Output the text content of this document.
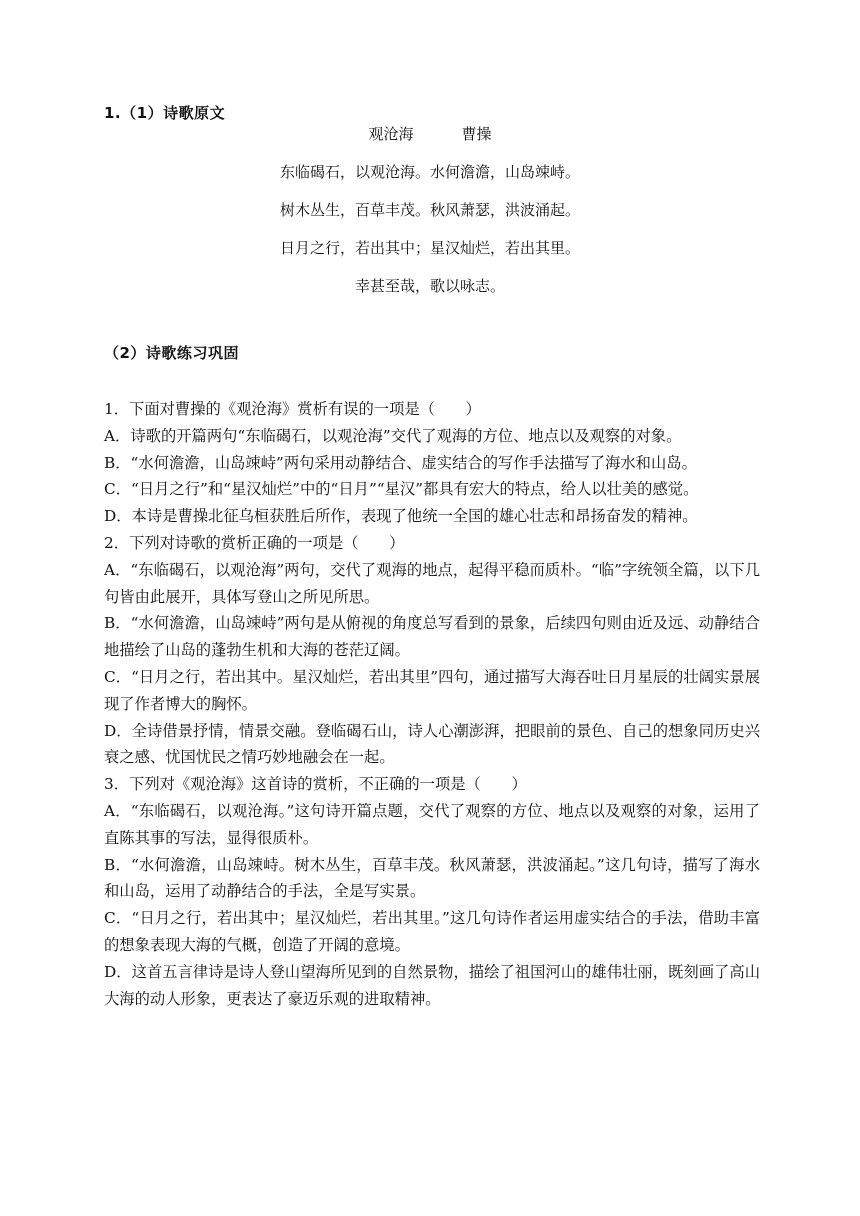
1.（1）诗歌原文
观沧海	曹操
东临碣石，以观沧海。水何澹澹，山岛竦峙。
树木丛生，百草丰茂。秋风萧瑟，洪波涌起。
日月之行，若出其中；星汉灿烂，若出其里。
幸甚至哉，歌以咏志。
（2）诗歌练习巩固

1．下面对曹操的《观沧海》赏析有误的一项是（　　）

A．诗歌的开篇两句“东临碣石，以观沧海”交代了观海的方位、地点以及观察的对象。

B．“水何澹澹，山岛竦峙”两句采用动静结合、虚实结合的写作手法描写了海水和山岛。

C．“日月之行”和“星汉灿烂”中的“日月”“星汉”都具有宏大的特点，给人以壮美的感觉。

D．本诗是曹操北征乌桓获胜后所作，表现了他统一全国的雄心壮志和昂扬奋发的精神。

2．下列对诗歌的赏析正确的一项是（　　）

A．“东临碣石，以观沧海”两句，交代了观海的地点，起得平稳而质朴。“临”字统领全篇，以下几句皆由此展开，具体写登山之所见所思。

B．“水何澹澹，山岛竦峙”两句是从俯视的角度总写看到的景象，后续四句则由近及远、动静结合地描绘了山岛的蓬勃生机和大海的苍茫辽阔。

C．“日月之行，若出其中。星汉灿烂，若出其里”四句，通过描写大海吞吐日月星辰的壮阔实景展现了作者博大的胸怀。

D．全诗借景抒情，情景交融。登临碣石山，诗人心潮澎湃，把眼前的景色、自己的想象同历史兴衰之感、忧国忧民之情巧妙地融会在一起。

3．下列对《观沧海》这首诗的赏析，不正确的一项是（　　）

A．“东临碣石，以观沧海。”这句诗开篇点题，交代了观察的方位、地点以及观察的对象，运用了直陈其事的写法，显得很质朴。

B．“水何澹澹，山岛竦峙。树木丛生，百草丰茂。秋风萧瑟，洪波涌起。”这几句诗，描写了海水和山岛，运用了动静结合的手法，全是写实景。

C．“日月之行，若出其中；星汉灿烂，若出其里。”这几句诗作者运用虚实结合的手法，借助丰富的想象表现大海的气概，创造了开阔的意境。

D．这首五言律诗是诗人登山望海所见到的自然景物，描绘了祖国河山的雄伟壮丽，既刻画了高山大海的动人形象，更表达了豪迈乐观的进取精神。
